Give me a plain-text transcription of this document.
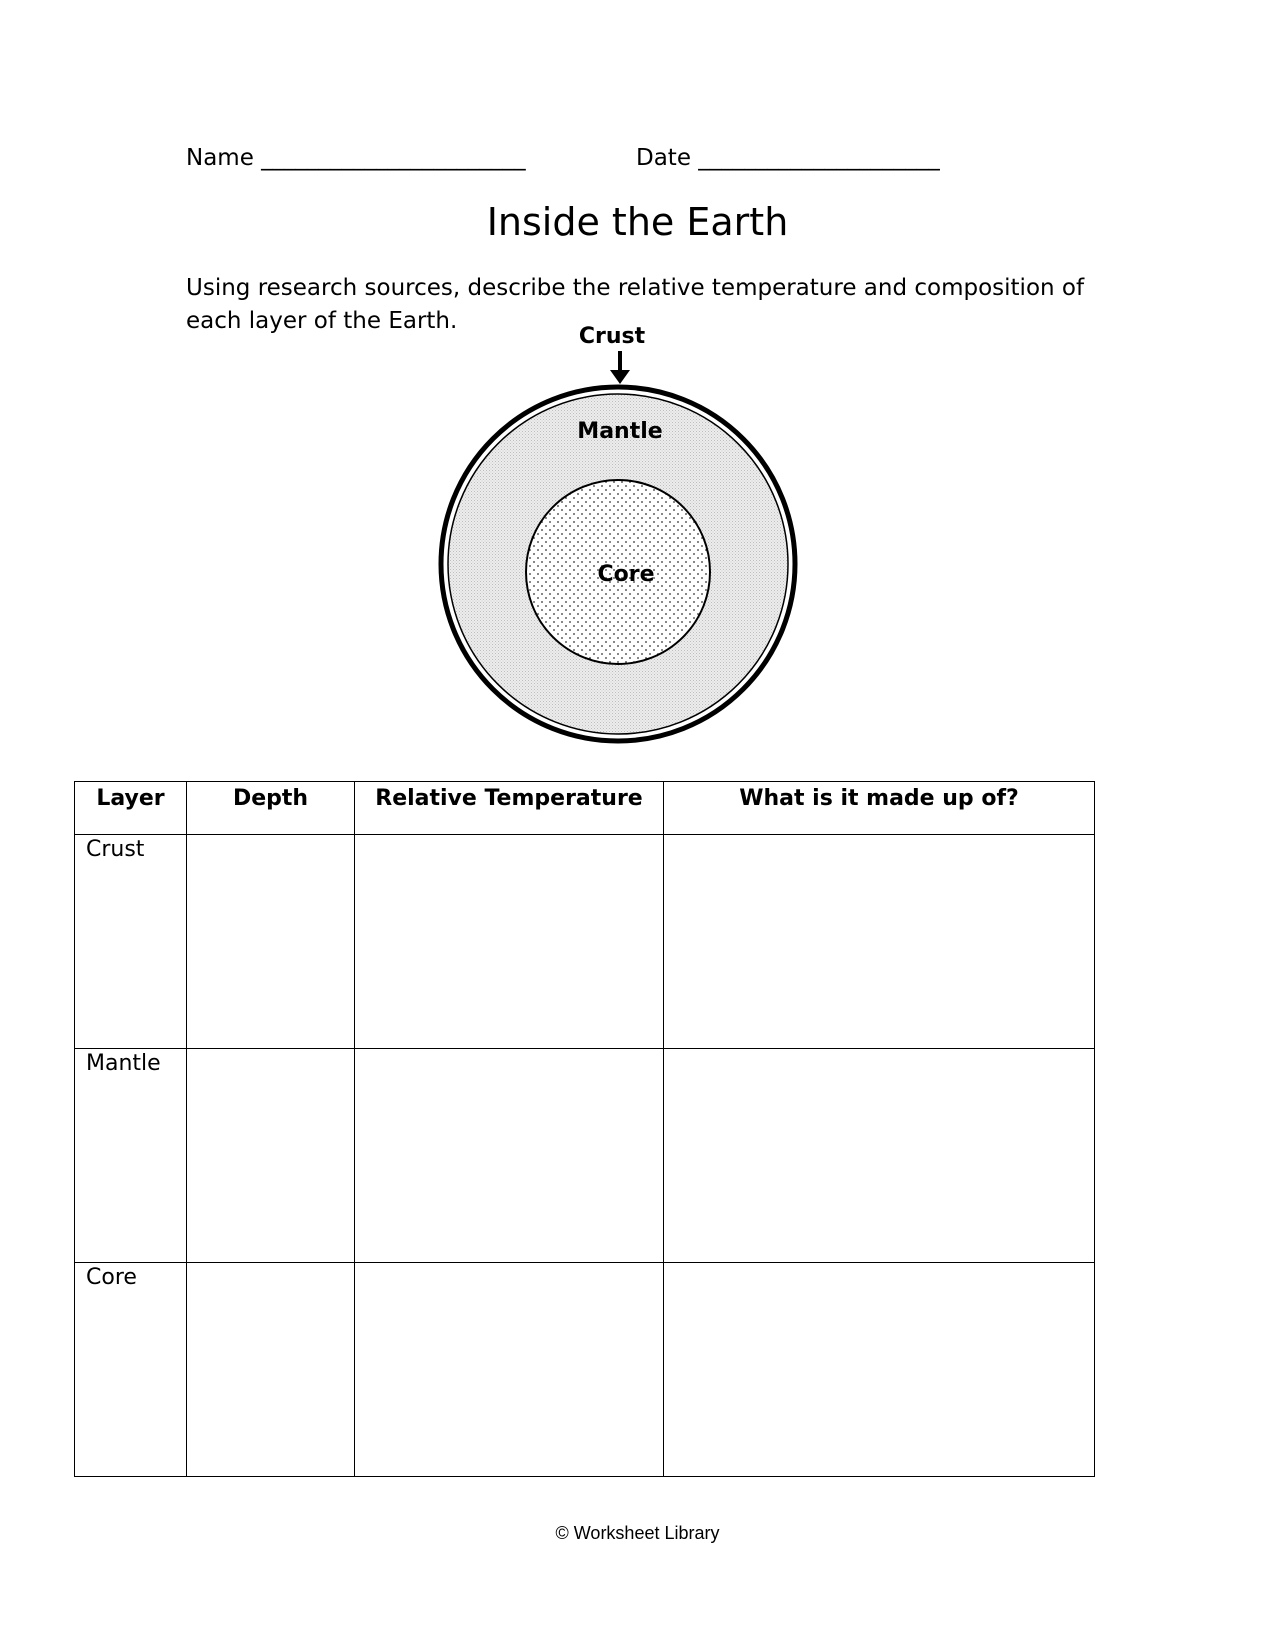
Name _______________________	Date _____________________
Inside the Earth

Using research sources, describe the relative temperature and composition of each layer of the Earth.

Crust
Mantle
Core
Layer	Depth	Relative Temperature	What is it made up of?
Crust			
Mantle			
Core			
© Worksheet Library
